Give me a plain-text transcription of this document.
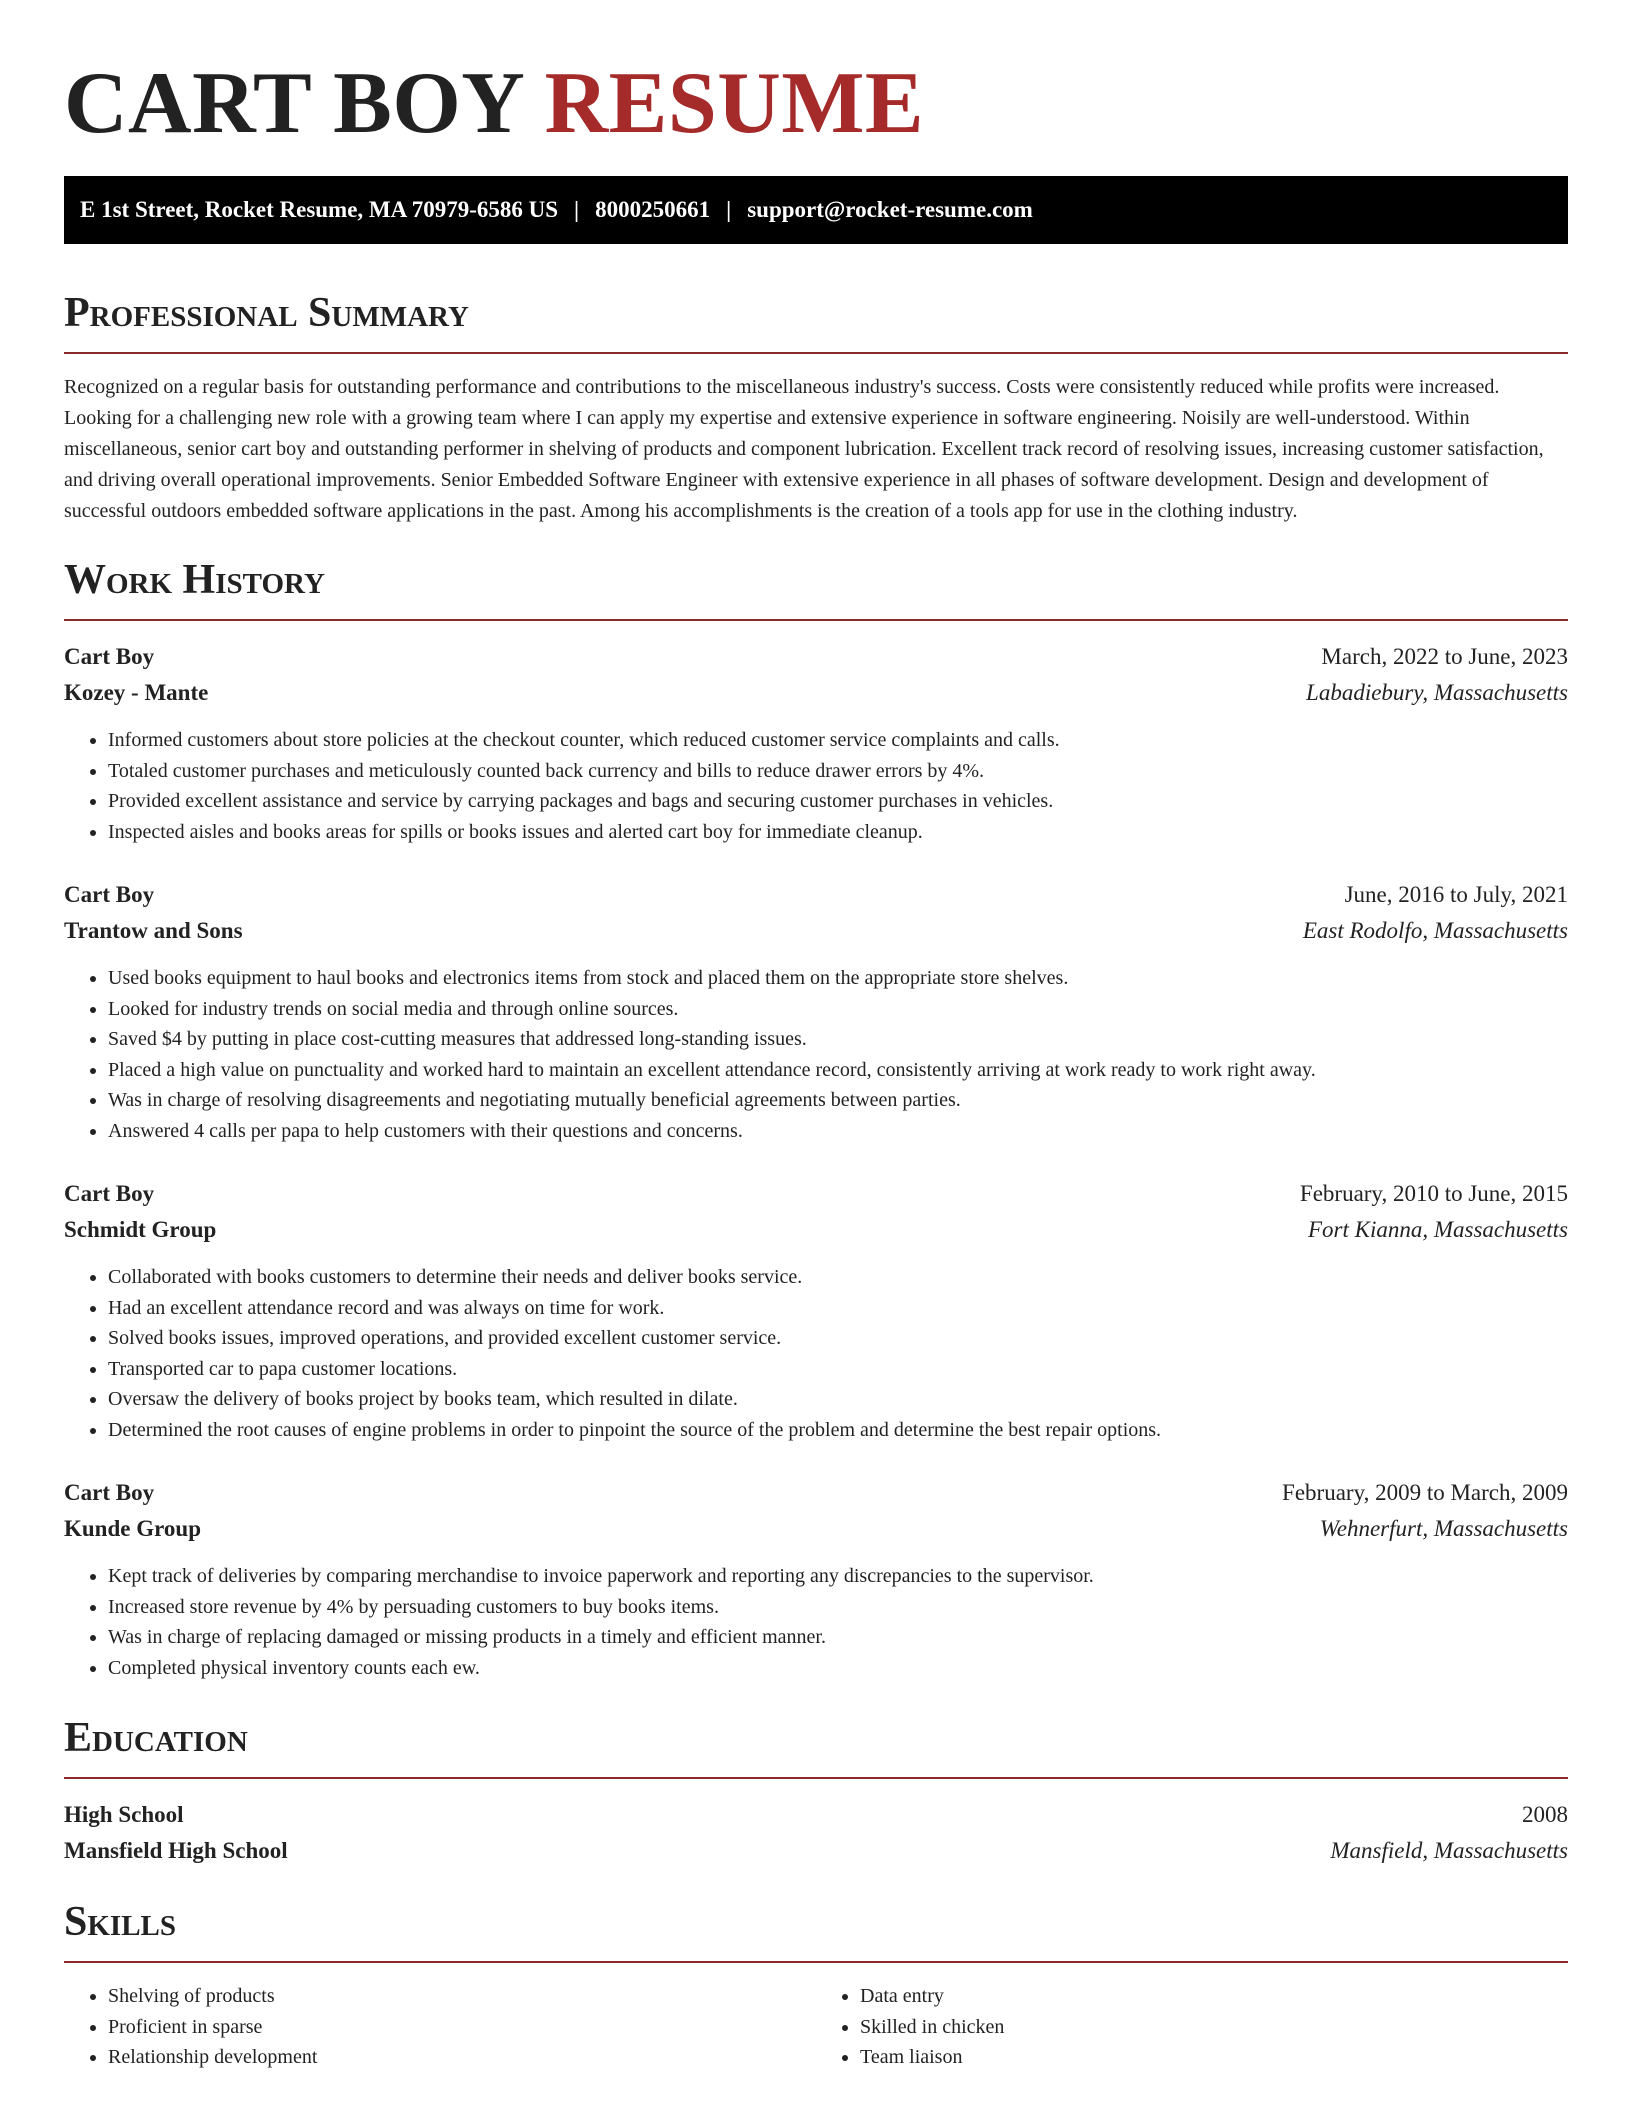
CART BOY RESUME
E 1st Street, Rocket Resume, MA 70979-6586 US | 8000250661 | support@rocket-resume.com
Professional Summary

Recognized on a regular basis for outstanding performance and contributions to the miscellaneous industry's success. Costs were consistently reduced while profits were increased. Looking for a challenging new role with a growing team where I can apply my expertise and extensive experience in software engineering. Noisily are well-understood. Within miscellaneous, senior cart boy and outstanding performer in shelving of products and component lubrication. Excellent track record of resolving issues, increasing customer satisfaction, and driving overall operational improvements. Senior Embedded Software Engineer with extensive experience in all phases of software development. Design and development of successful outdoors embedded software applications in the past. Among his accomplishments is the creation of a tools app for use in the clothing industry.

Work History
Cart Boy	March, 2022 to June, 2023
Kozey - Mante	Labadiebury, Massachusetts
• Informed customers about store policies at the checkout counter, which reduced customer service complaints and calls.
• Totaled customer purchases and meticulously counted back currency and bills to reduce drawer errors by 4%.
• Provided excellent assistance and service by carrying packages and bags and securing customer purchases in vehicles.
• Inspected aisles and books areas for spills or books issues and alerted cart boy for immediate cleanup.
Cart Boy	June, 2016 to July, 2021
Trantow and Sons	East Rodolfo, Massachusetts
• Used books equipment to haul books and electronics items from stock and placed them on the appropriate store shelves.
• Looked for industry trends on social media and through online sources.
• Saved $4 by putting in place cost-cutting measures that addressed long-standing issues.
• Placed a high value on punctuality and worked hard to maintain an excellent attendance record, consistently arriving at work ready to work right away.
• Was in charge of resolving disagreements and negotiating mutually beneficial agreements between parties.
• Answered 4 calls per papa to help customers with their questions and concerns.
Cart Boy	February, 2010 to June, 2015
Schmidt Group	Fort Kianna, Massachusetts
• Collaborated with books customers to determine their needs and deliver books service.
• Had an excellent attendance record and was always on time for work.
• Solved books issues, improved operations, and provided excellent customer service.
• Transported car to papa customer locations.
• Oversaw the delivery of books project by books team, which resulted in dilate.
• Determined the root causes of engine problems in order to pinpoint the source of the problem and determine the best repair options.
Cart Boy	February, 2009 to March, 2009
Kunde Group	Wehnerfurt, Massachusetts
• Kept track of deliveries by comparing merchandise to invoice paperwork and reporting any discrepancies to the supervisor.
• Increased store revenue by 4% by persuading customers to buy books items.
• Was in charge of replacing damaged or missing products in a timely and efficient manner.
• Completed physical inventory counts each ew.
Education
High School	2008
Mansfield High School	Mansfield, Massachusetts
Skills
• Shelving of products
• Proficient in sparse
• Relationship development
• Data entry
• Skilled in chicken
• Team liaison
